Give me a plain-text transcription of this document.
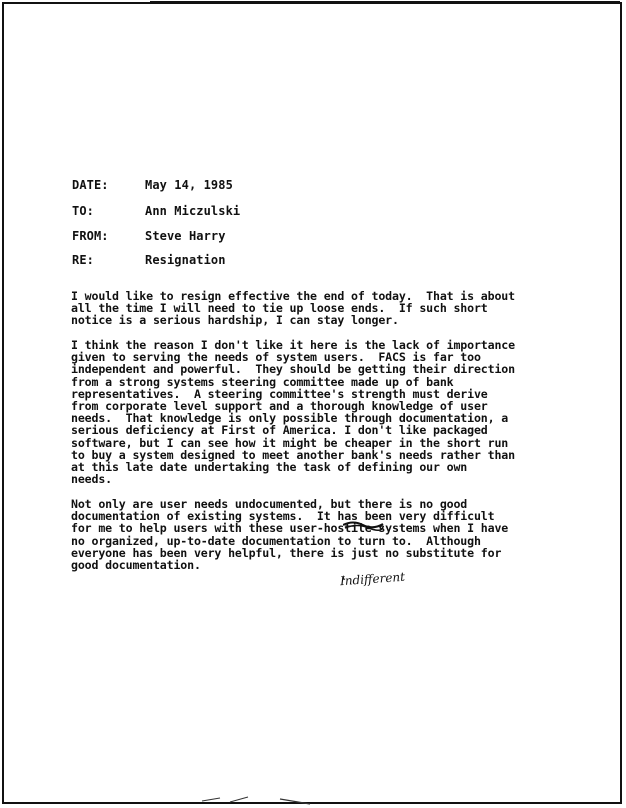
DATE:	May 14, 1985
TO:	Ann Miczulski
FROM:	Steve Harry
RE:	Resignation
I would like to resign effective the end of today.  That is about
all the time I will need to tie up loose ends.  If such short
notice is a serious hardship, I can stay longer.
I think the reason I don't like it here is the lack of importance
given to serving the needs of system users.  FACS is far too
independent and powerful.  They should be getting their direction
from a strong systems steering committee made up of bank
representatives.  A steering committee's strength must derive
from corporate level support and a thorough knowledge of user
needs.  That knowledge is only possible through documentation, a
serious deficiency at First of America. I don't like packaged
software, but I can see how it might be cheaper in the short run
to buy a system designed to meet another bank's needs rather than
at this late date undertaking the task of defining our own
needs.
Not only are user needs undocumented, but there is no good
documentation of existing systems.  It has been very difficult
for me to help users with these user-hostile systems when I have
no organized, up-to-date documentation to turn to.  Although
everyone has been very helpful, there is just no substitute for
good documentation.
Indifferent
